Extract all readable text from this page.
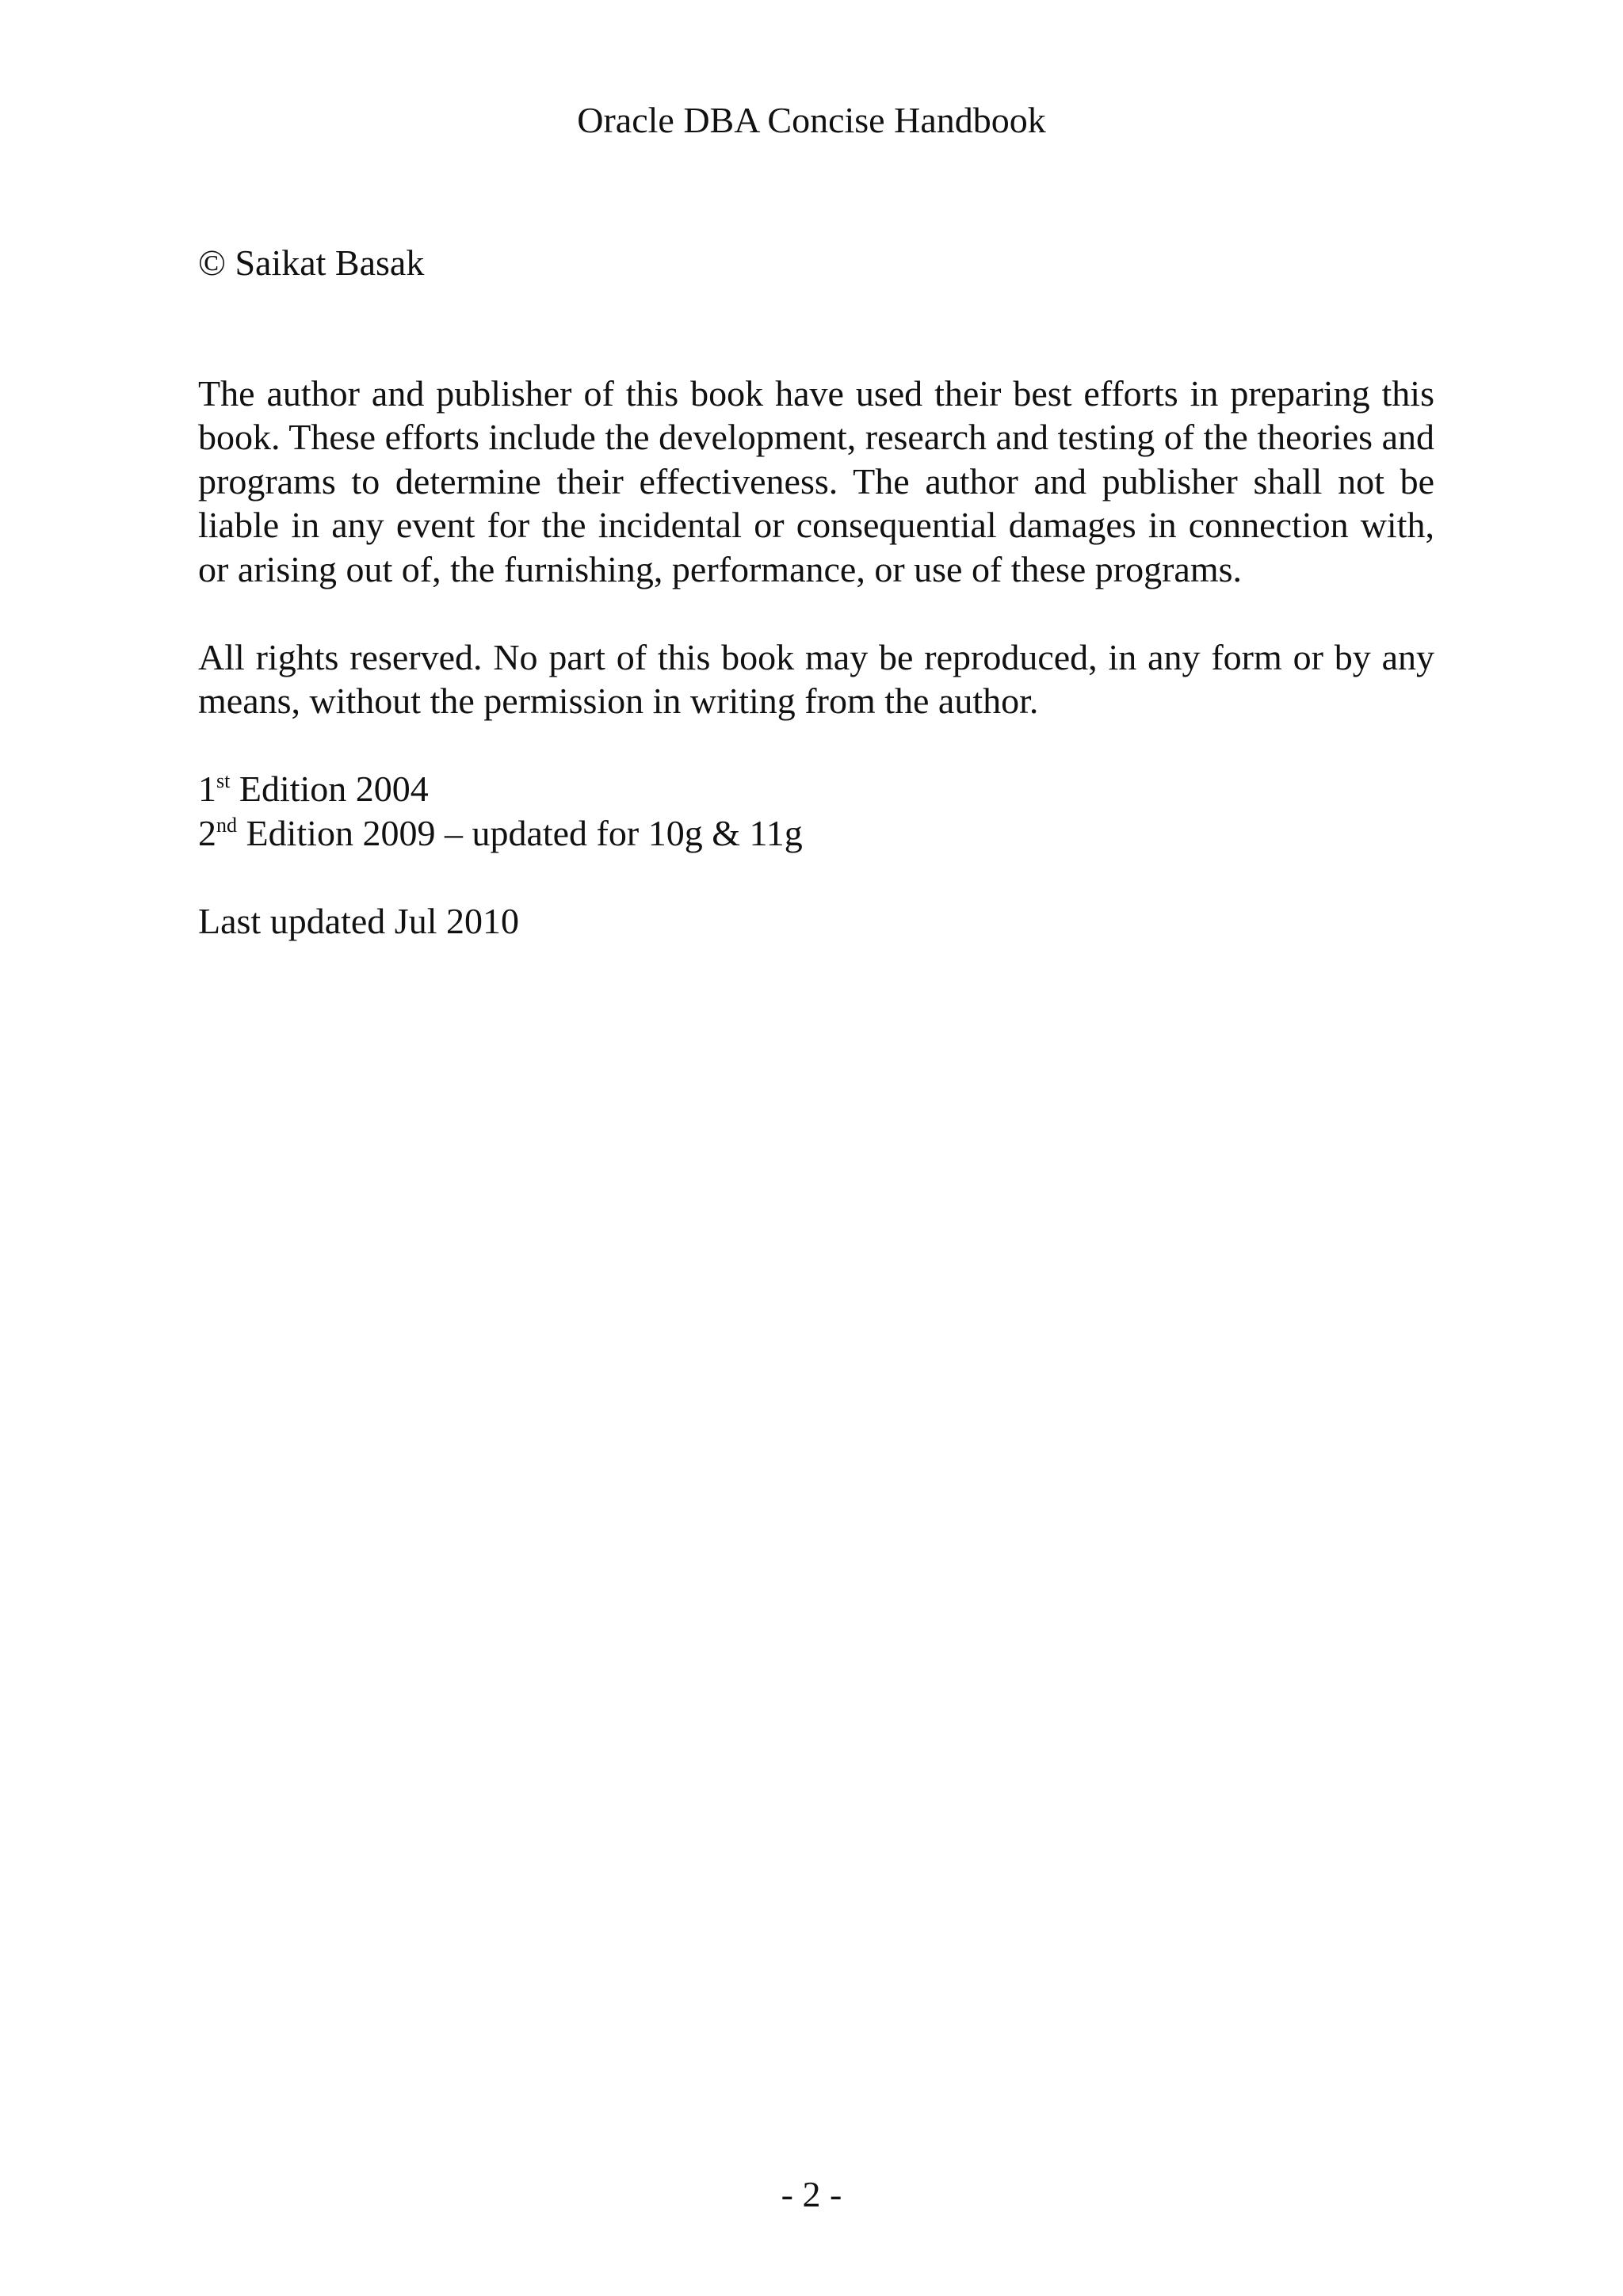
Oracle DBA Concise Handbook

© Saikat Basak

The author and publisher of this book have used their best efforts in preparing this book. These efforts include the development, research and testing of the theories and programs to determine their effectiveness. The author and publisher shall not be liable in any event for the incidental or consequential damages in connection with, or arising out of, the furnishing, performance, or use of these programs.

All rights reserved. No part of this book may be reproduced, in any form or by any means, without the permission in writing from the author.

1st Edition 2004

2nd Edition 2009 – updated for 10g & 11g

Last updated Jul 2010

- 2 -
